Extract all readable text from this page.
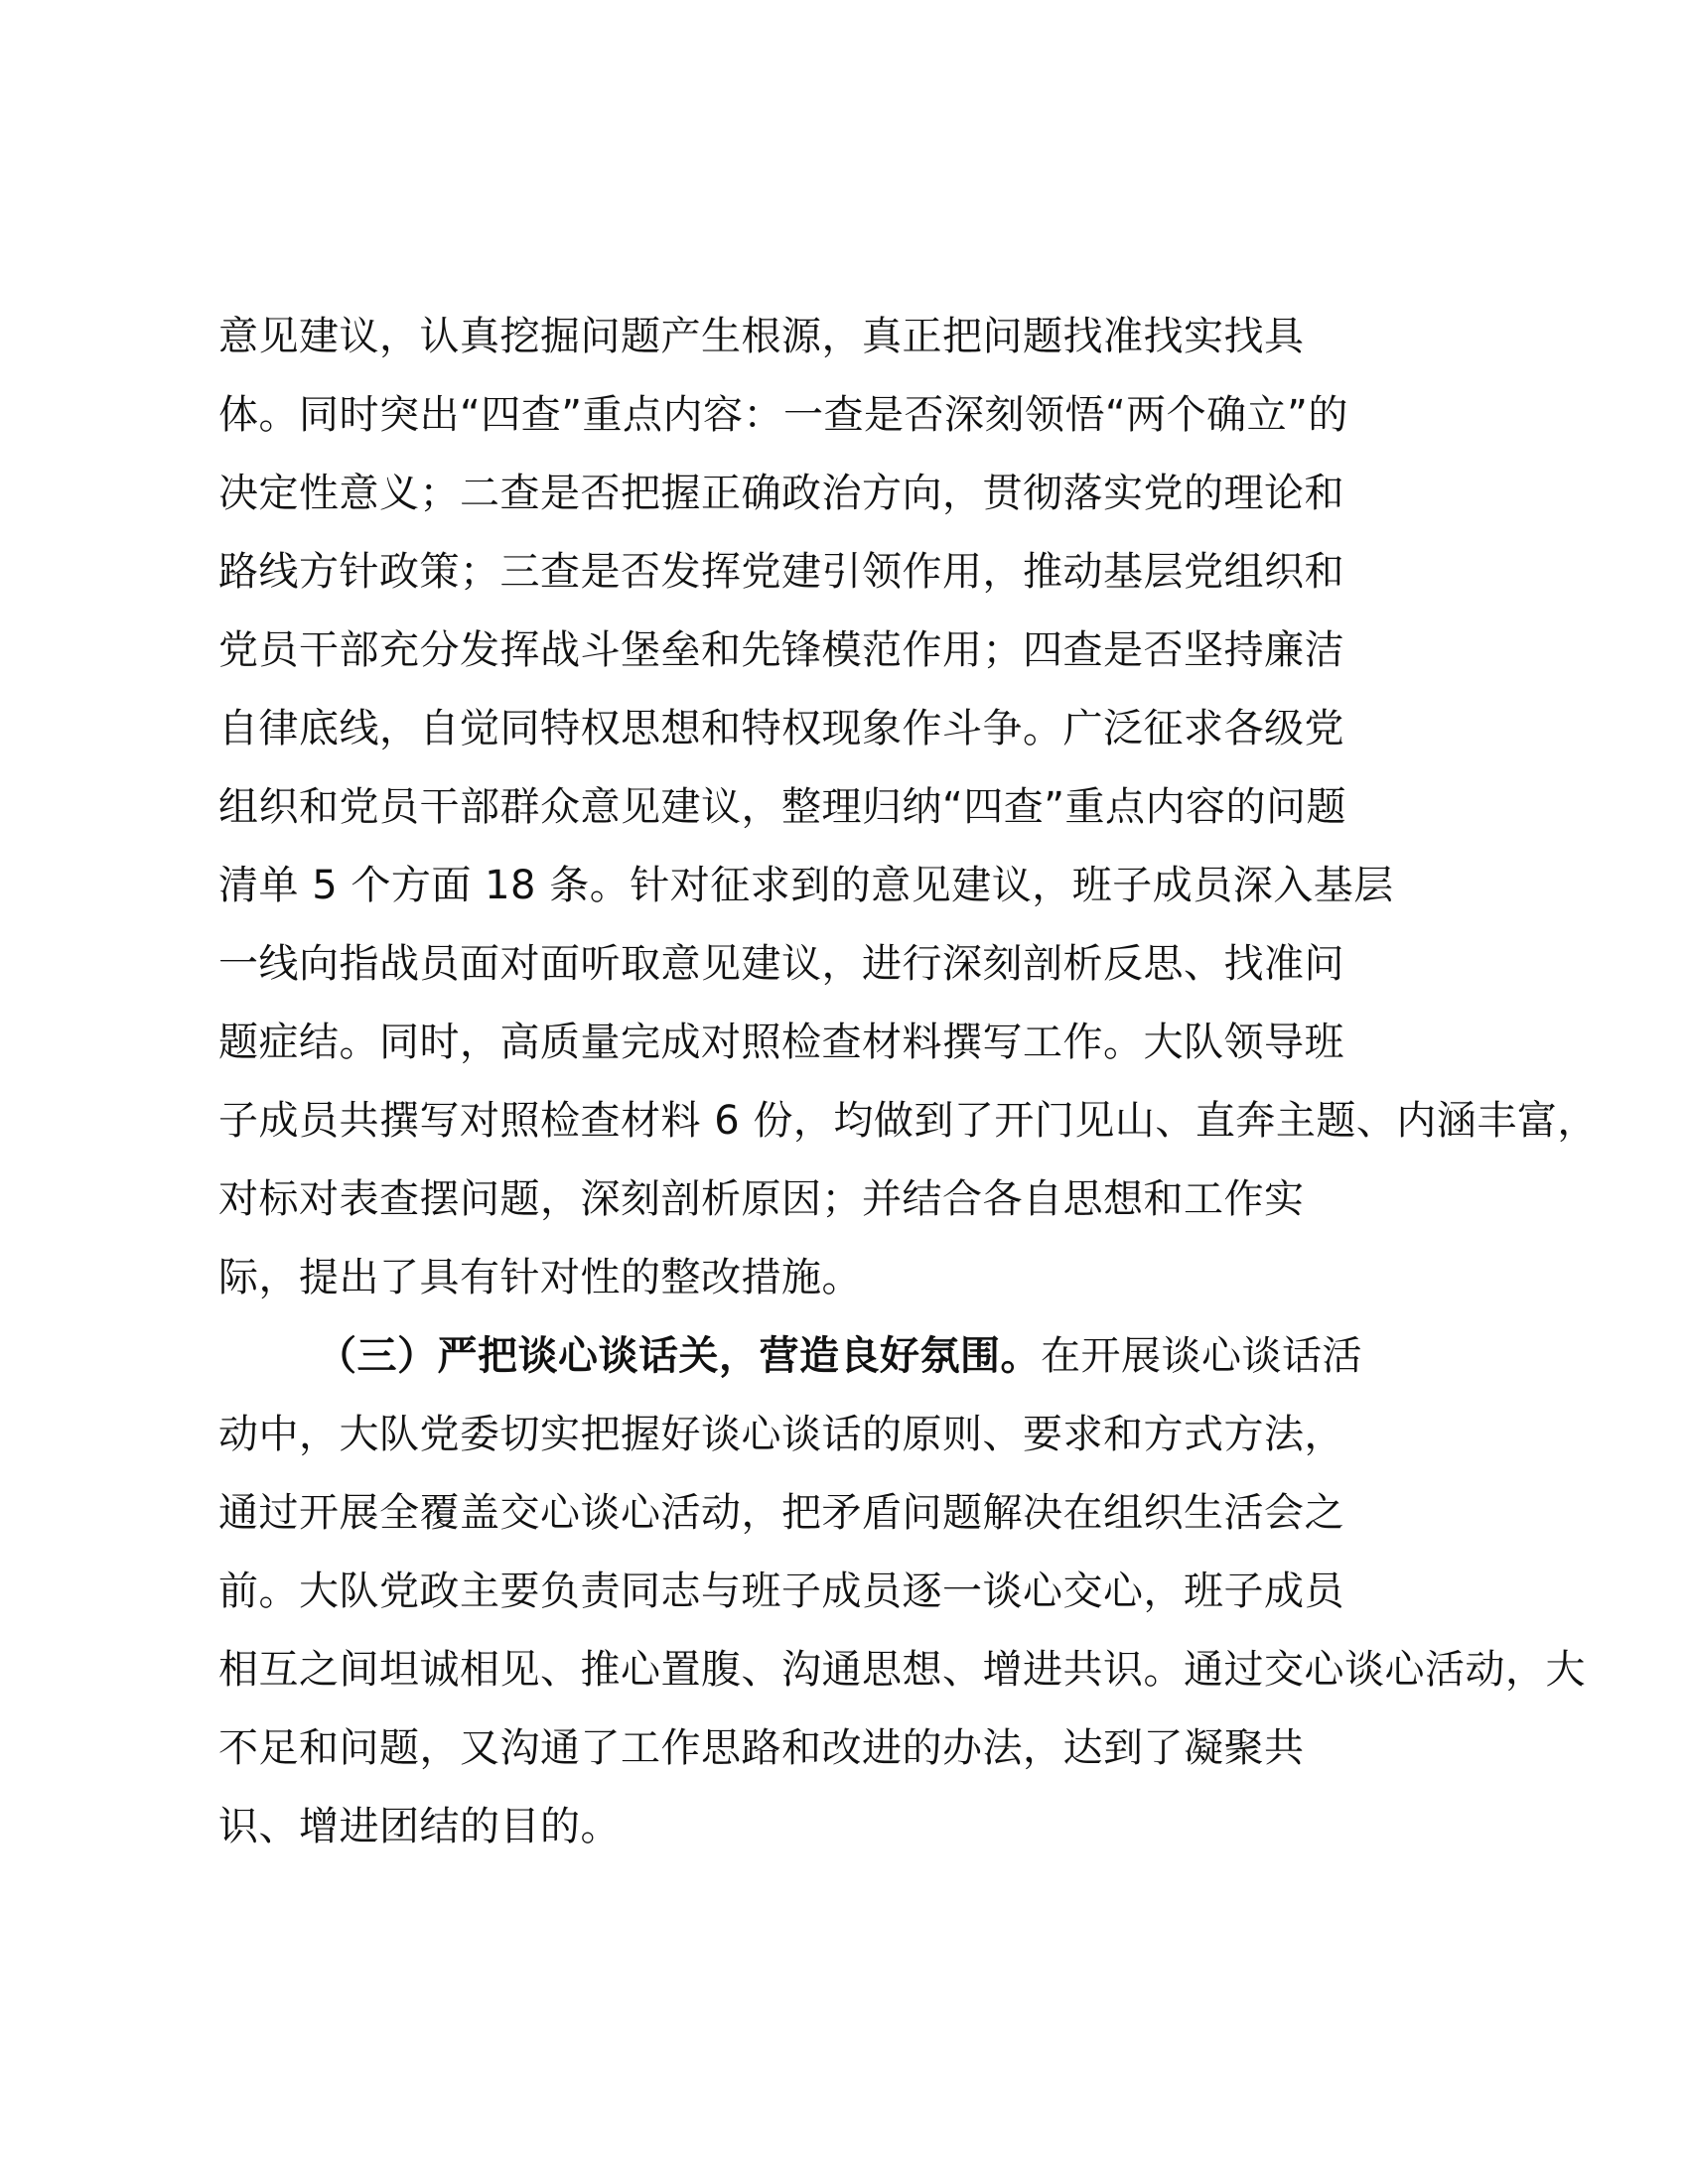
意见建议，认真挖掘问题产生根源，真正把问题找准找实找具
体。同时突出“四查”重点内容：一查是否深刻领悟“两个确立”的
决定性意义；二查是否把握正确政治方向，贯彻落实党的理论和
路线方针政策；三查是否发挥党建引领作用，推动基层党组织和
党员干部充分发挥战斗堡垒和先锋模范作用；四查是否坚持廉洁
自律底线，自觉同特权思想和特权现象作斗争。广泛征求各级党
组织和党员干部群众意见建议，整理归纳“四查”重点内容的问题
清单 5 个方面 18 条。针对征求到的意见建议，班子成员深入基层
一线向指战员面对面听取意见建议，进行深刻剖析反思、找准问
题症结。同时，高质量完成对照检查材料撰写工作。大队领导班
子成员共撰写对照检查材料 6 份，均做到了开门见山、直奔主题、内涵丰富，
对标对表查摆问题，深刻剖析原因；并结合各自思想和工作实
际，提出了具有针对性的整改措施。
（三）严把谈心谈话关，营造良好氛围。在开展谈心谈话活
动中，大队党委切实把握好谈心谈话的原则、要求和方式方法，
通过开展全覆盖交心谈心活动，把矛盾问题解决在组织生活会之
前。大队党政主要负责同志与班子成员逐一谈心交心，班子成员
相互之间坦诚相见、推心置腹、沟通思想、增进共识。通过交心谈心活动，大
不足和问题，又沟通了工作思路和改进的办法，达到了凝聚共
识、增进团结的目的。
